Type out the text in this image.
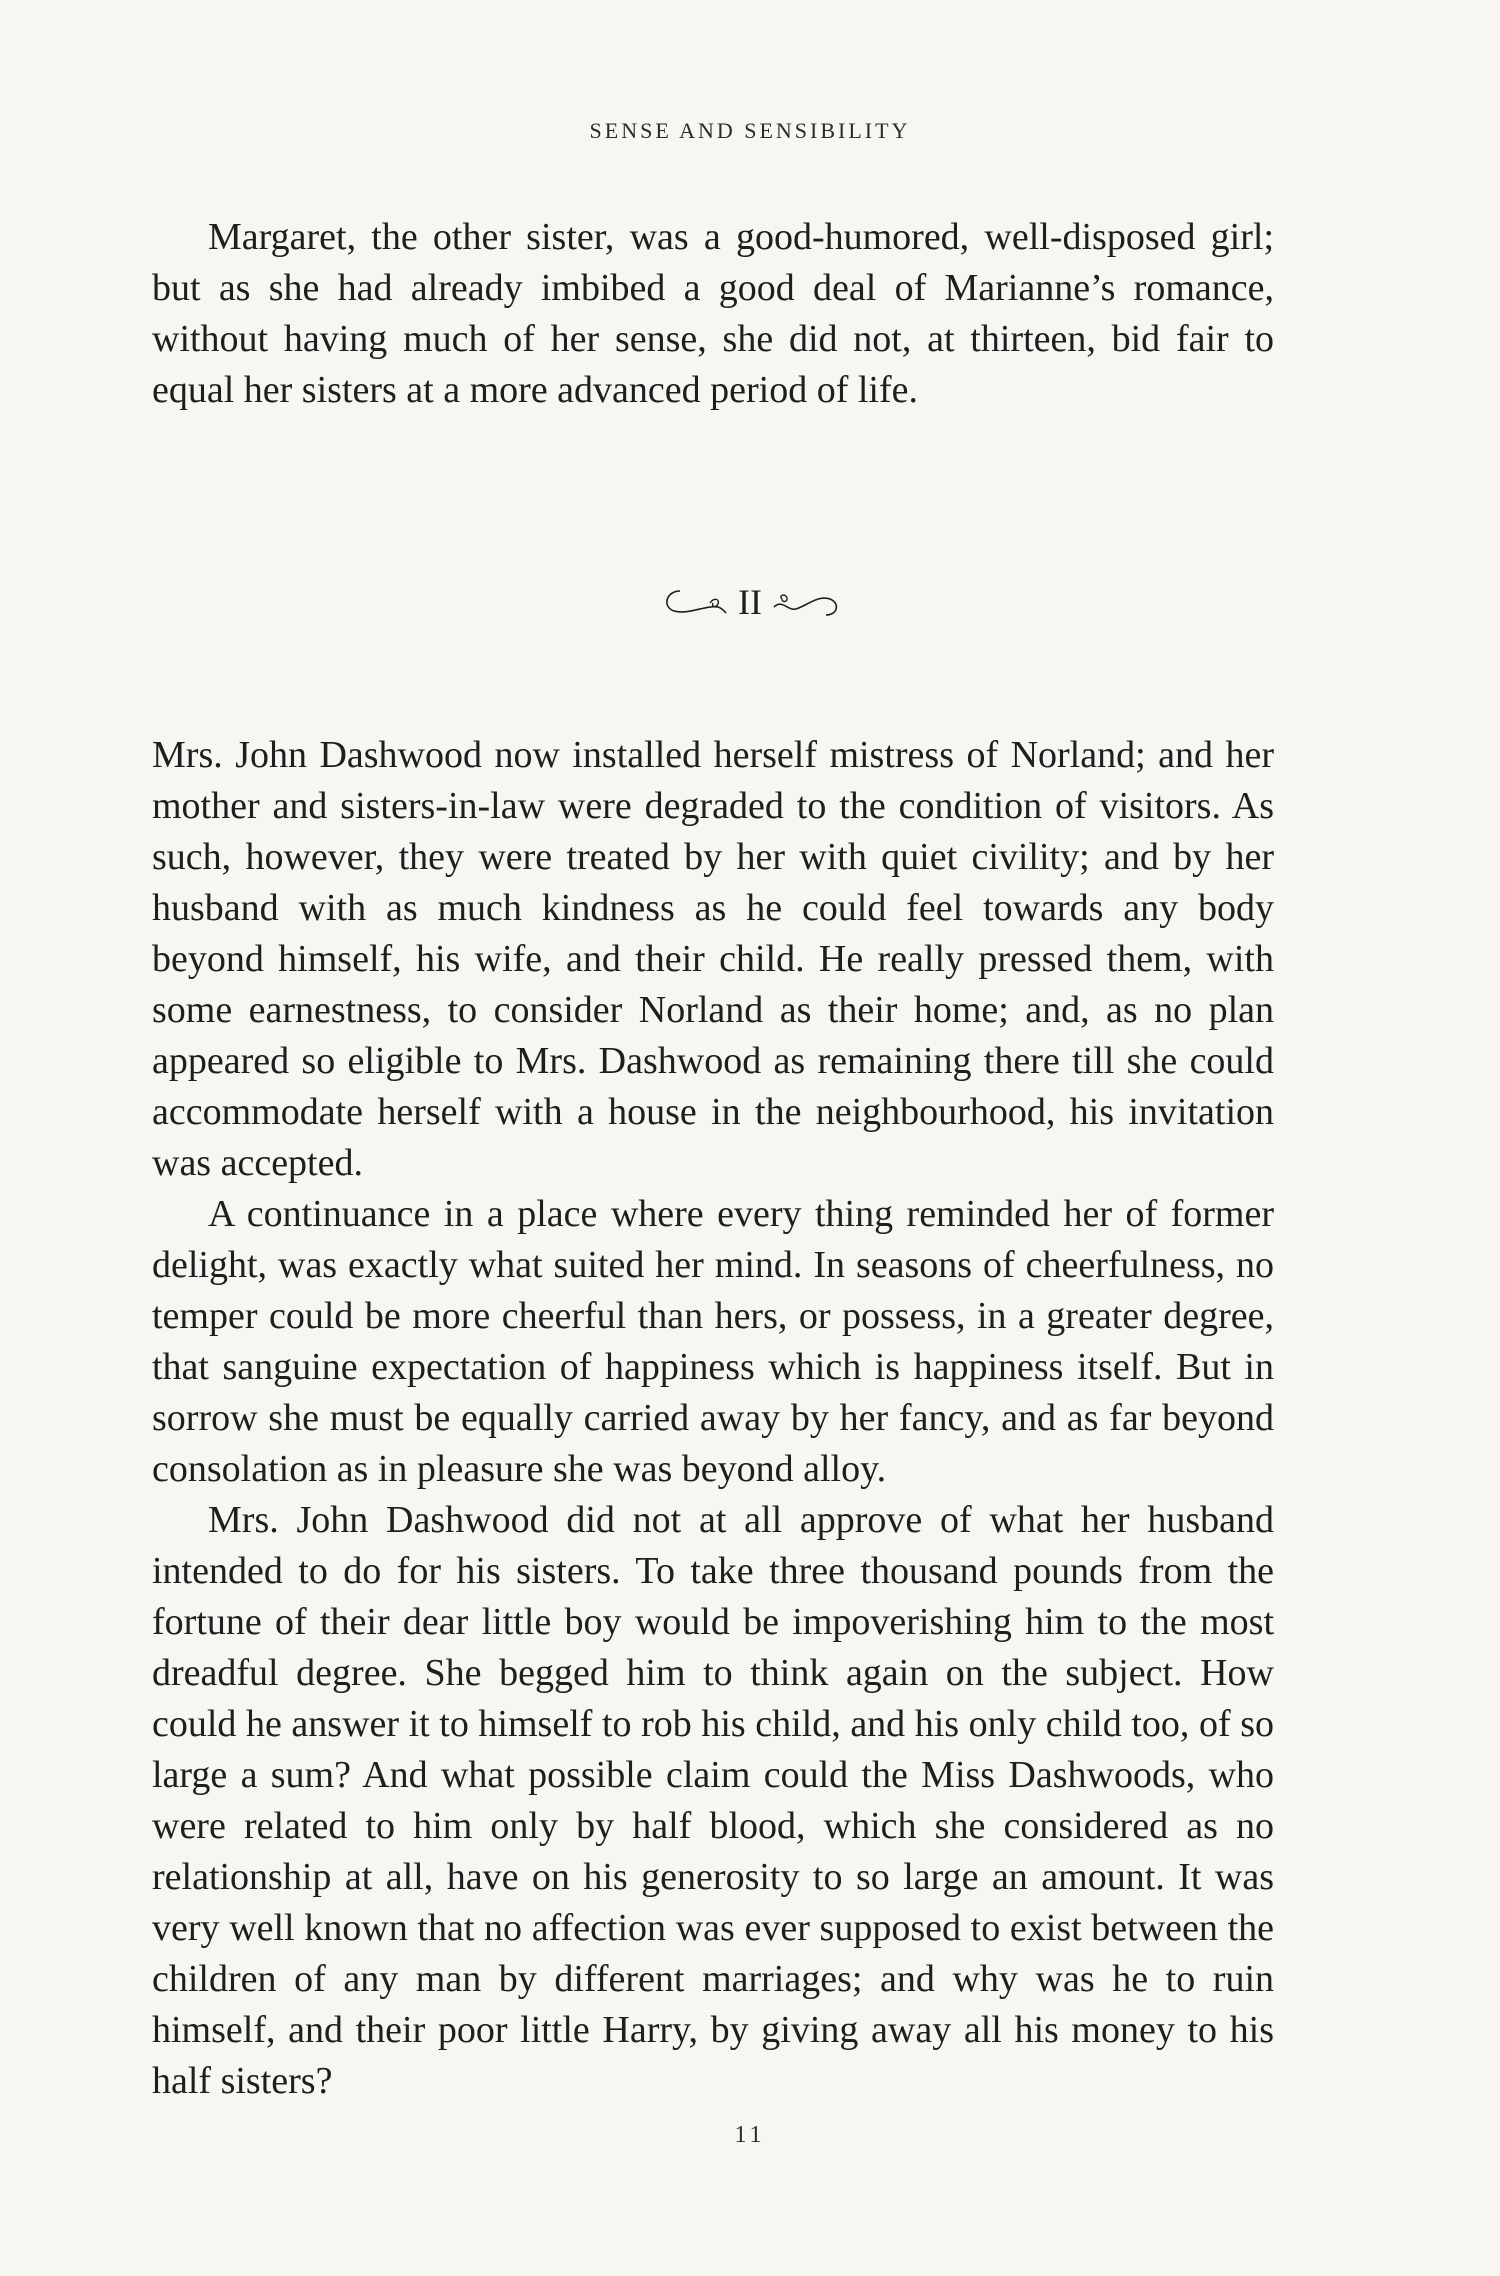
SENSE AND SENSIBILITY

Margaret, the other sister, was a good-humored, well-disposed girl; but as she had already imbibed a good deal of Marianne’s romance, without having much of her sense, she did not, at thirteen, bid fair to equal her sisters at a more advanced period of life.

II

Mrs. John Dashwood now installed herself mistress of Norland; and her mother and sisters-in-law were degraded to the condition of visitors. As such, however, they were treated by her with quiet civility; and by her husband with as much kindness as he could feel towards any body beyond himself, his wife, and their child. He really pressed them, with some earnestness, to consider Norland as their home; and, as no plan appeared so eligible to Mrs. Dashwood as remaining there till she could accommodate herself with a house in the neighbourhood, his invitation was accepted.

A continuance in a place where every thing reminded her of former delight, was exactly what suited her mind. In seasons of cheerfulness, no temper could be more cheerful than hers, or possess, in a greater degree, that sanguine expectation of happiness which is happiness itself. But in sorrow she must be equally carried away by her fancy, and as far beyond consolation as in pleasure she was beyond alloy.

Mrs. John Dashwood did not at all approve of what her husband intended to do for his sisters. To take three thousand pounds from the fortune of their dear little boy would be impoverishing him to the most dreadful degree. She begged him to think again on the subject. How could he answer it to himself to rob his child, and his only child too, of so large a sum? And what possible claim could the Miss Dashwoods, who were related to him only by half blood, which she considered as no relationship at all, have on his generosity to so large an amount. It was very well known that no affection was ever supposed to exist between the children of any man by different marriages; and why was he to ruin himself, and their poor little Harry, by giving away all his money to his half sisters?

11
